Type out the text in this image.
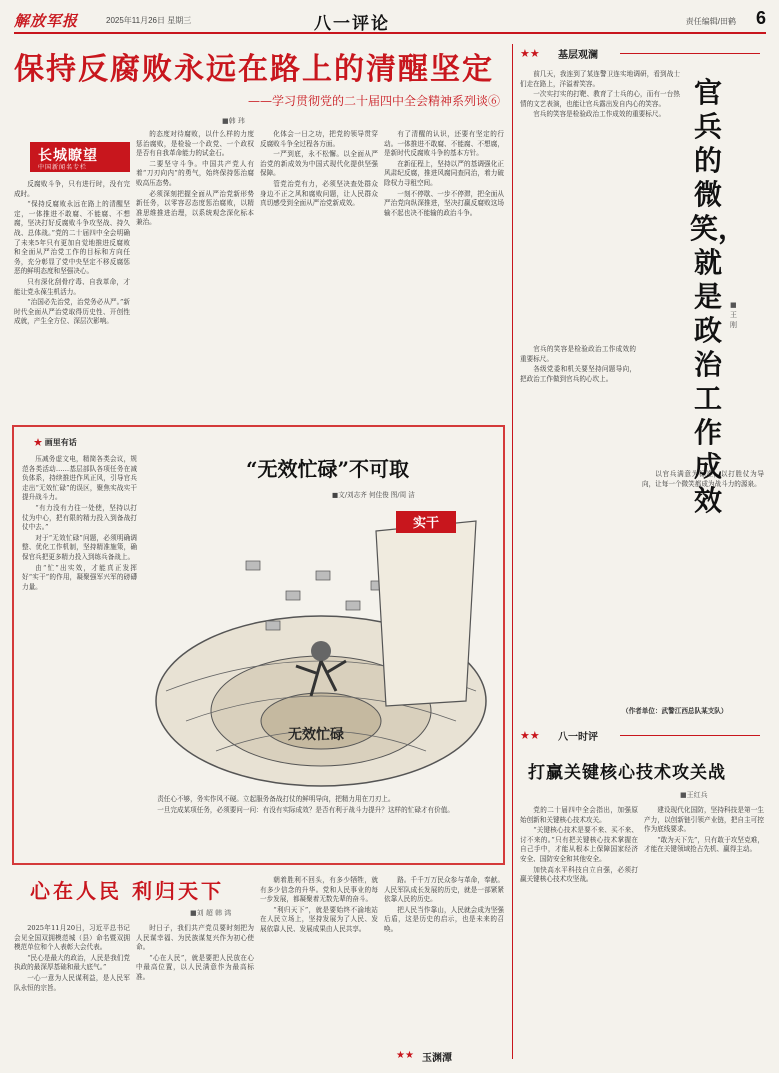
解放军报	2025年11月26日 星期三	八一评论	责任编辑/田鹤 6
保持反腐败永远在路上的清醒坚定
——学习贯彻党的二十届四中全会精神系列谈⑥
■韩 玮
长城瞭望
中国新闻名专栏

反腐败斗争，只有进行时，没有完成时。

“保持反腐败永远在路上的清醒坚定，一体推进不敢腐、不能腐、不想腐，坚决打好反腐败斗争攻坚战、持久战、总体战。”党的二十届四中全会明确了未来5年只有更加自觉地推进反腐败和全面从严治党工作的目标和方向任务，充分彰显了党中央坚定不移反腐惩恶的鲜明态度和坚强决心。

只有深化刮骨疗毒、自我革命，才能让党永葆生机活力。

“治国必先治党，治党务必从严。”新时代全面从严治党取得历史性、开创性成就，产生全方位、深层次影响。

的态度对待腐败，以什么样的力度惩治腐败，是检验一个政党、一个政权是否有自我革命能力的试金石。

二要坚守斗争。中国共产党人有着“刀刃向内”的勇气，始终保持惩治腐败高压态势。

必须深刻把握全面从严治党新形势新任务，以零容忍态度惩治腐败，以精准思维推进治理，以系统观念深化标本兼治。

化体会一日之功，把党的领导贯穿反腐败斗争全过程各方面。

一严到底，永不松懈。以全面从严治党的新成效为中国式现代化提供坚强保障。

管党治党有力，必须坚决查处群众身边不正之风和腐败问题，让人民群众真切感受到全面从严治党新成效。

有了清醒的认识，还要有坚定的行动。一体推进不敢腐、不能腐、不想腐，是新时代反腐败斗争的基本方针。

在新征程上，坚持以严的基调强化正风肃纪反腐，推进风腐同查同治，着力破除权力寻租空间。

一刻不停歇、一步不停滞，把全面从严治党向纵深推进，坚决打赢反腐败这场输不起也决不能输的政治斗争。

★ 画里有话
“无效忙碌”不可取
■文/刘志齐 何佳俊 图/周 洁
实干
无效忙碌

压减务虚文电，精简各类会议，规范各类活动……基层部队各项任务在减负体系，持续推进作风正风，引导官兵走出“无效忙碌”的误区，聚焦实战实干提升战斗力。

“有力没有力往一处使，坚持以打仗为中心，把有限的精力投入到备战打仗中去。”

对于“无效忙碌”问题，必须明确调整、优化工作机制，坚持精准施策，确保官兵把更多精力投入到练兵备战上。

由“忙”出实效，才能真正发挥好“实干”的作用，凝聚强军兴军的磅礴力量。

责任心不够，务实作风不硬。立起服务备战打仗的鲜明导向，把精力用在刀刃上。

一旦完成某项任务，必须要问一问：有没有实际成效？是否有利于战斗力提升？这样的忙碌才有价值。

心在人民 利归天下
■刘 超 韩 鸿

2025年11月20日，习近平总书记会见全国双拥模范城（县）命名暨双拥模范单位和个人表彰大会代表。

“民心是最大的政治，人民是我们党执政的最深厚基础和最大底气。”

一心一意为人民谋利益，是人民军队永恒的宗旨。

时日子，我们共产党员要时刻把为人民谋幸福、为民族谋复兴作为初心使命。

“心在人民”，就是要把人民放在心中最高位置，以人民满意作为最高标准。

朝着胜利不回头，有多少牺牲，就有多少信念的升华。党和人民事业的每一步发展，都凝聚着无数先辈的奋斗。

“利归天下”，就是要始终不渝地站在人民立场上，坚持发展为了人民、发展依靠人民、发展成果由人民共享。

路。千千万万民众参与革命，奉献。人民军队成长发展的历史，就是一部紧紧依靠人民的历史。

把人民当作靠山，人民就会成为坚强后盾，这是历史的启示，也是未来的召唤。

★★ 玉渊潭
★★ 基层观澜

前几天，我连到了某连警卫连实地调研，看到战士们走在路上，洋溢着笑容。

一次实打实的打靶、教育了士兵的心，而有一台热情的文艺表演，也能让官兵露出发自内心的笑容。

官兵的笑容是检验政治工作成效的重要标尺。

官兵的笑容是检验政治工作成效的重要标尺。

各级党委和机关要坚持问题导向，把政治工作做到官兵的心坎上。

以官兵满意为标准，以打胜仗为导向，让每一个微笑都成为战斗力的源泉。

官兵的微笑，就是政治工作成效
■王 刚
（作者单位：武警江西总队某支队）
★★ 八一时评
打赢关键核心技术攻关战
■王红兵

党的二十届四中全会指出，加强原始创新和关键核心技术攻关。

“关键核心技术是要不来、买不来、讨不来的。”只有把关键核心技术掌握在自己手中，才能从根本上保障国家经济安全、国防安全和其他安全。

加快高水平科技自立自强，必须打赢关键核心技术攻坚战。

建设现代化国防，坚持科技是第一生产力，以创新链引领产业链，把自主可控作为底线要求。

“敢为天下先”，只有敢于攻坚克难，才能在关键领域抢占先机、赢得主动。
